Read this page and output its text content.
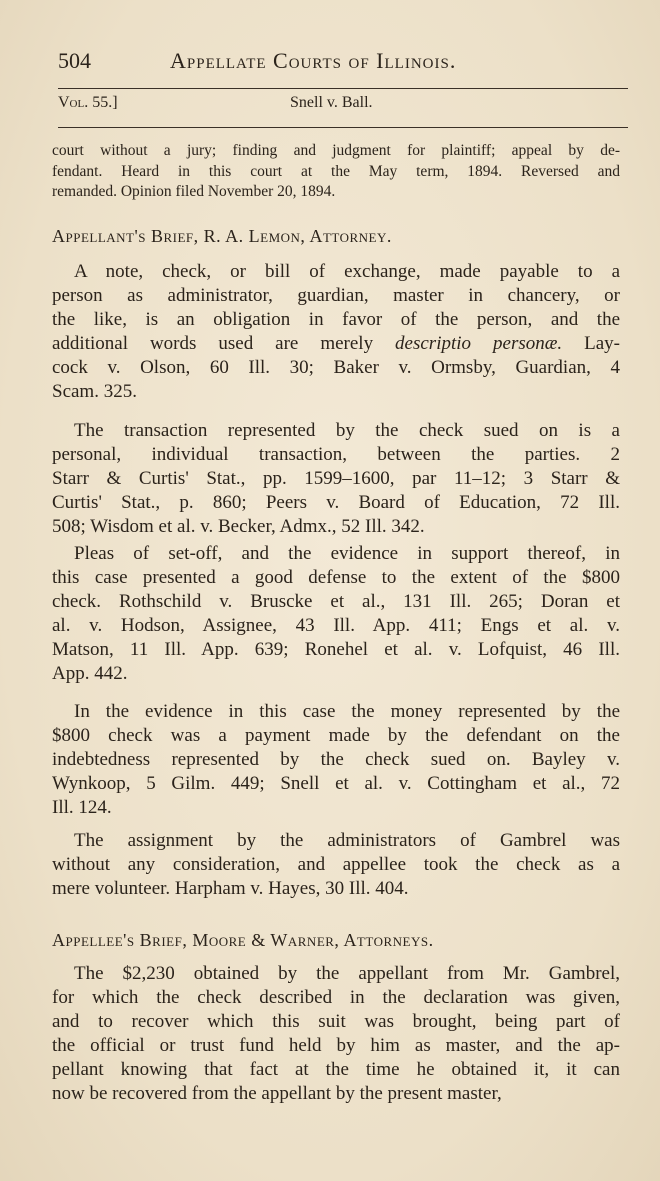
504	Appellate Courts of Illinois.
Vol. 55.]	Snell v. Ball.
court without a jury; finding and judgment for plaintiff; appeal by de-
fendant. Heard in this court at the May term, 1894. Reversed and
remanded. Opinion filed November 20, 1894.
Appellant's Brief, R. A. Lemon, Attorney.
A note, check, or bill of exchange, made payable to a
person as administrator, guardian, master in chancery, or
the like, is an obligation in favor of the person, and the
additional words used are merely descriptio personæ. Lay-
cock v. Olson, 60 Ill. 30; Baker v. Ormsby, Guardian, 4
Scam. 325.
The transaction represented by the check sued on is a
personal, individual transaction, between the parties. 2
Starr & Curtis' Stat., pp. 1599–1600, par 11–12; 3 Starr &
Curtis' Stat., p. 860; Peers v. Board of Education, 72 Ill.
508; Wisdom et al. v. Becker, Admx., 52 Ill. 342.
Pleas of set-off, and the evidence in support thereof, in
this case presented a good defense to the extent of the $800
check. Rothschild v. Bruscke et al., 131 Ill. 265; Doran et
al. v. Hodson, Assignee, 43 Ill. App. 411; Engs et al. v.
Matson, 11 Ill. App. 639; Ronehel et al. v. Lofquist, 46 Ill.
App. 442.
In the evidence in this case the money represented by the
$800 check was a payment made by the defendant on the
indebtedness represented by the check sued on. Bayley v.
Wynkoop, 5 Gilm. 449; Snell et al. v. Cottingham et al., 72
Ill. 124.
The assignment by the administrators of Gambrel was
without any consideration, and appellee took the check as a
mere volunteer. Harpham v. Hayes, 30 Ill. 404.
Appellee's Brief, Moore & Warner, Attorneys.
The $2,230 obtained by the appellant from Mr. Gambrel,
for which the check described in the declaration was given,
and to recover which this suit was brought, being part of
the official or trust fund held by him as master, and the ap-
pellant knowing that fact at the time he obtained it, it can
now be recovered from the appellant by the present master,
